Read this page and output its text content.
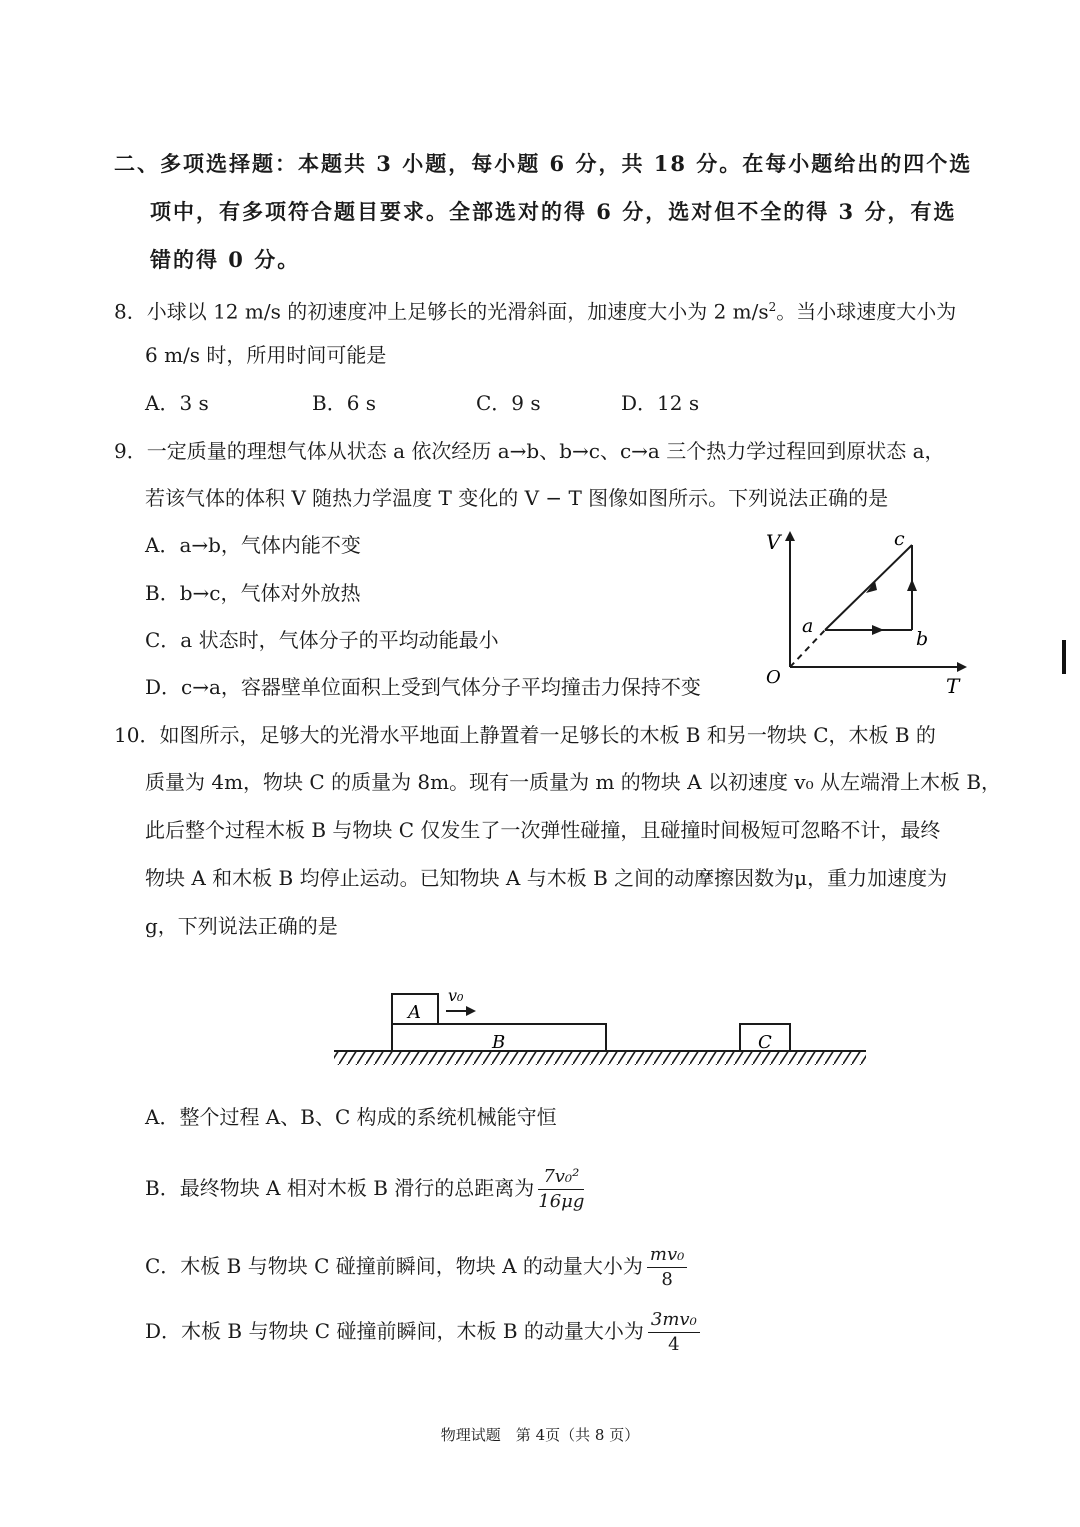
二、多项选择题：本题共 3 小题，每小题 6 分，共 18 分。在每小题给出的四个选
项中，有多项符合题目要求。全部选对的得 6 分，选对但不全的得 3 分，有选
错的得 0 分。
8．小球以 12 m/s 的初速度冲上足够长的光滑斜面，加速度大小为 2 $m/s^2$。当小球速度大小为
6 m/s 时，所用时间可能是
A．3 s	B．6 s	C．9 s	D．12 s
9．一定质量的理想气体从状态 a 依次经历 a→b、b→c、c→a 三个热力学过程回到原状态 a，
若该气体的体积 V 随热力学温度 T 变化的 V − T 图像如图所示。下列说法正确的是
A．a→b，气体内能不变
B．b→c，气体对外放热
C．a 状态时，气体分子的平均动能最小
D．c→a，容器壁单位面积上受到气体分子平均撞击力保持不变
V
T
O
a
b
c
10．如图所示，足够大的光滑水平地面上静置着一足够长的木板 B 和另一物块 C，木板 B 的
质量为 4m，物块 C 的质量为 8m。现有一质量为 m 的物块 A 以初速度 v₀ 从左端滑上木板 B，
此后整个过程木板 B 与物块 C 仅发生了一次弹性碰撞，且碰撞时间极短可忽略不计，最终
物块 A 和木板 B 均停止运动。已知物块 A 与木板 B 之间的动摩擦因数为μ，重力加速度为
g，下列说法正确的是
B
A
v₀
C
A．整个过程 A、B、C 构成的系统机械能守恒
B．最终物块 A 相对木板 B 滑行的总距离为 $\frac{\text{7v₀²}}{16\mu g}$
C．木板 B 与物块 C 碰撞前瞬间，物块 A 的动量大小为 $\frac{\text{mv₀}}{8}$
D．木板 B 与物块 C 碰撞前瞬间，木板 B 的动量大小为 $\frac{\text{3mv₀}}{4}$
物理试题　第 4页（共 8 页）
